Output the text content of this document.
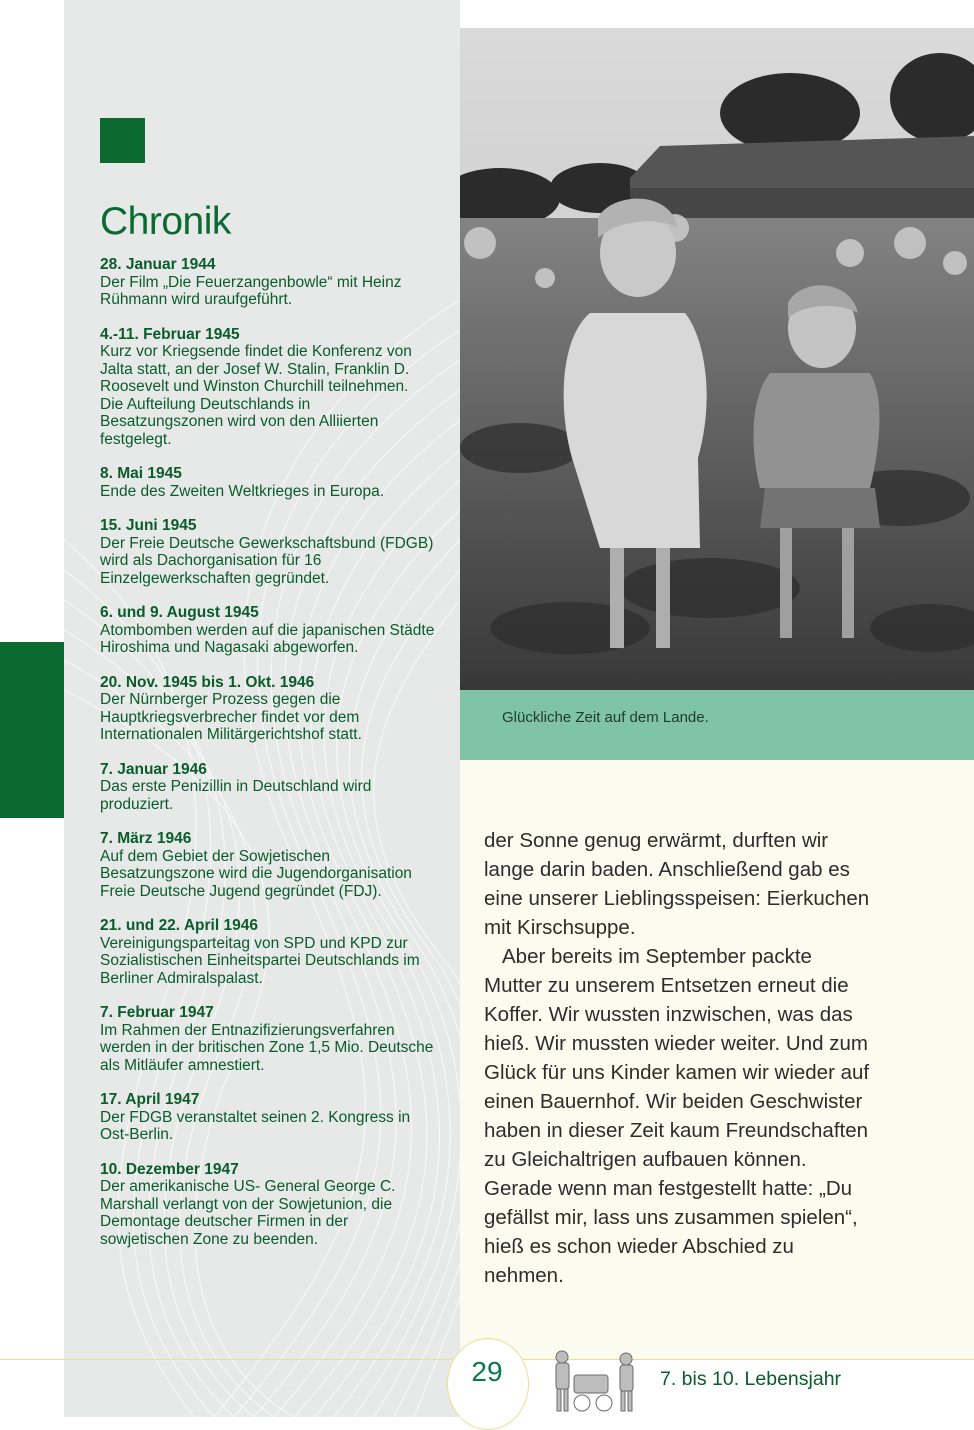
Chronik
28. Januar 1944
Der Film „Die Feuerzangenbowle“ mit Heinz Rühmann wird uraufgeführt.
4.-11. Februar 1945
Kurz vor Kriegsende findet die Konferenz von Jalta statt, an der Josef W. Stalin, Franklin D. Roosevelt und Winston Churchill teilnehmen. Die Aufteilung Deutschlands in Besatzungszonen wird von den Alliierten festgelegt.
8. Mai 1945
Ende des Zweiten Weltkrieges in Europa.
15. Juni 1945
Der Freie Deutsche Gewerkschaftsbund (FDGB) wird als Dachorganisation für 16 Einzelgewerkschaften gegründet.
6. und 9. August 1945
Atombomben werden auf die japanischen Städte Hiroshima und Nagasaki abgeworfen.
20. Nov. 1945 bis 1. Okt. 1946
Der Nürnberger Prozess gegen die Hauptkriegsverbrecher findet vor dem Internationalen Militärgerichtshof statt.
7. Januar 1946
Das erste Penizillin in Deutschland wird produziert.
7. März 1946
Auf dem Gebiet der Sowjetischen Besatzungszone wird die Jugendorganisation Freie Deutsche Jugend gegründet (FDJ).
21. und 22. April 1946
Vereinigungsparteitag von SPD und KPD zur Sozialistischen Einheitspartei Deutschlands im Berliner Admiralspalast.
7. Februar 1947
Im Rahmen der Entnazifizierungsverfahren werden in der britischen Zone 1,5 Mio. Deutsche als Mitläufer amnestiert.
17. April 1947
Der FDGB veranstaltet seinen 2. Kongress in Ost-Berlin.
10. Dezember 1947
Der amerikanische US- General George C. Marshall verlangt von der Sowjetunion, die Demontage deutscher Firmen in der sowjetischen Zone zu beenden.
Glückliche Zeit auf dem Lande.

der Sonne genug erwärmt, durften wir lange darin baden. Anschließend gab es eine unserer Lieblingsspeisen: Eierkuchen mit Kirschsuppe.

Aber bereits im September packte Mutter zu unserem Entsetzen erneut die Koffer. Wir wussten inzwischen, was das hieß. Wir mussten wieder weiter. Und zum Glück für uns Kinder kamen wir wieder auf einen Bauernhof. Wir beiden Geschwister haben in dieser Zeit kaum Freundschaften zu Gleichaltrigen aufbauen können. Gerade wenn man festgestellt hatte: „Du gefällst mir, lass uns zusammen spielen“, hieß es schon wieder Abschied zu nehmen.

29	7. bis 10. Lebensjahr
